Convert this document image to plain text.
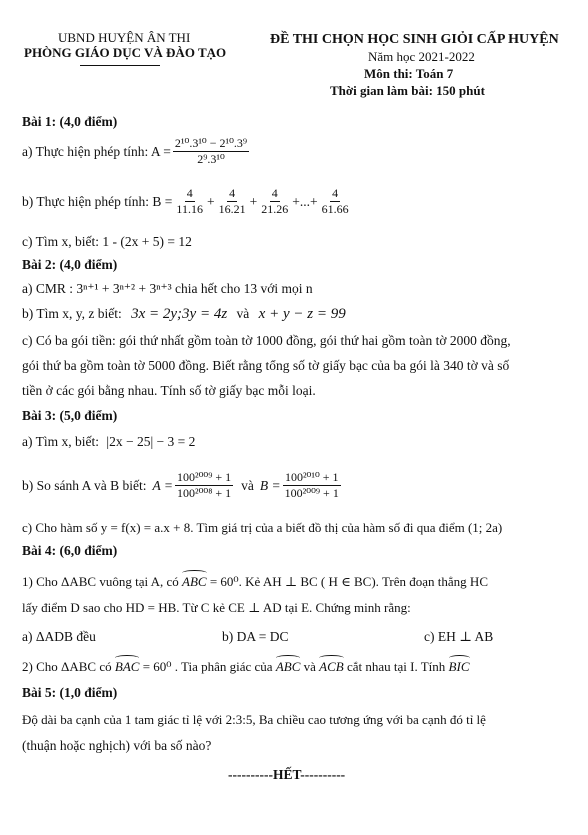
UBND HUYỆN ÂN THI
PHÒNG GIÁO DỤC VÀ ĐÀO TẠO
ĐỀ THI CHỌN HỌC SINH GIỎI CẤP HUYỆN
Năm học 2021-2022
Môn thi: Toán 7
Thời gian làm bài: 150 phút
Bài 1: (4,0 điểm)
a) Thực hiện phép tính: $A = \frac{\text{2¹⁰.3¹⁰ − 2¹⁰.3⁹}}{\text{2⁹.3¹⁰}}$
b) Thực hiện phép tính: $B = \frac{4}{11.16} + \frac{4}{16.21} + \frac{4}{21.26}$ +...+ $\frac{4}{61.66}$
c) Tìm x, biết: 1 - (2x + 5) = 12
Bài 2: (4,0 điểm)
a) CMR : 3ⁿ⁺¹ + 3ⁿ⁺² + 3ⁿ⁺³ chia hết cho 13 với mọi n
b) Tìm x, y, z biết: 3x = 2y;3y = 4z và x + y − z = 99
c) Có ba gói tiền: gói thứ nhất gồm toàn tờ 1000 đồng, gói thứ hai gồm toàn tờ 2000 đồng,
gói thứ ba gồm toàn tờ 5000 đồng. Biết rằng tổng số tờ giấy bạc của ba gói là 340 tờ và số
tiền ở các gói bằng nhau. Tính số tờ giấy bạc mỗi loại.
Bài 3: (5,0 điểm)
a) Tìm x, biết: |2x − 25| − 3 = 2
b) So sánh A và B biết: $A = \frac{\text{100²⁰⁰⁹ + 1}}{\text{100²⁰⁰⁸ + 1}}$ và $B = \frac{\text{100²⁰¹⁰ + 1}}{\text{100²⁰⁰⁹ + 1}}$
c) Cho hàm số y = f(x) = a.x + 8. Tìm giá trị của a biết đồ thị của hàm số đi qua điểm (1; 2a)
Bài 4: (6,0 điểm)
1) Cho ΔABC vuông tại A, có ABC = 60⁰. Kẻ AH ⊥ BC ( H ∈ BC). Trên đoạn thẳng HC
lấy điểm D sao cho HD = HB. Từ C kẻ CE ⊥ AD tại E. Chứng minh rằng:
a) ΔADB đều	b) DA = DC	c) EH ⊥ AB
2) Cho ΔABC có BAC = 60⁰ . Tia phân giác của ABC và ACB cắt nhau tại I. Tính BIC
Bài 5: (1,0 điểm)
Độ dài ba cạnh của 1 tam giác tỉ lệ với 2:3:5, Ba chiều cao tương ứng với ba cạnh đó tỉ lệ
(thuận hoặc nghịch) với ba số nào?
----------HẾT----------
